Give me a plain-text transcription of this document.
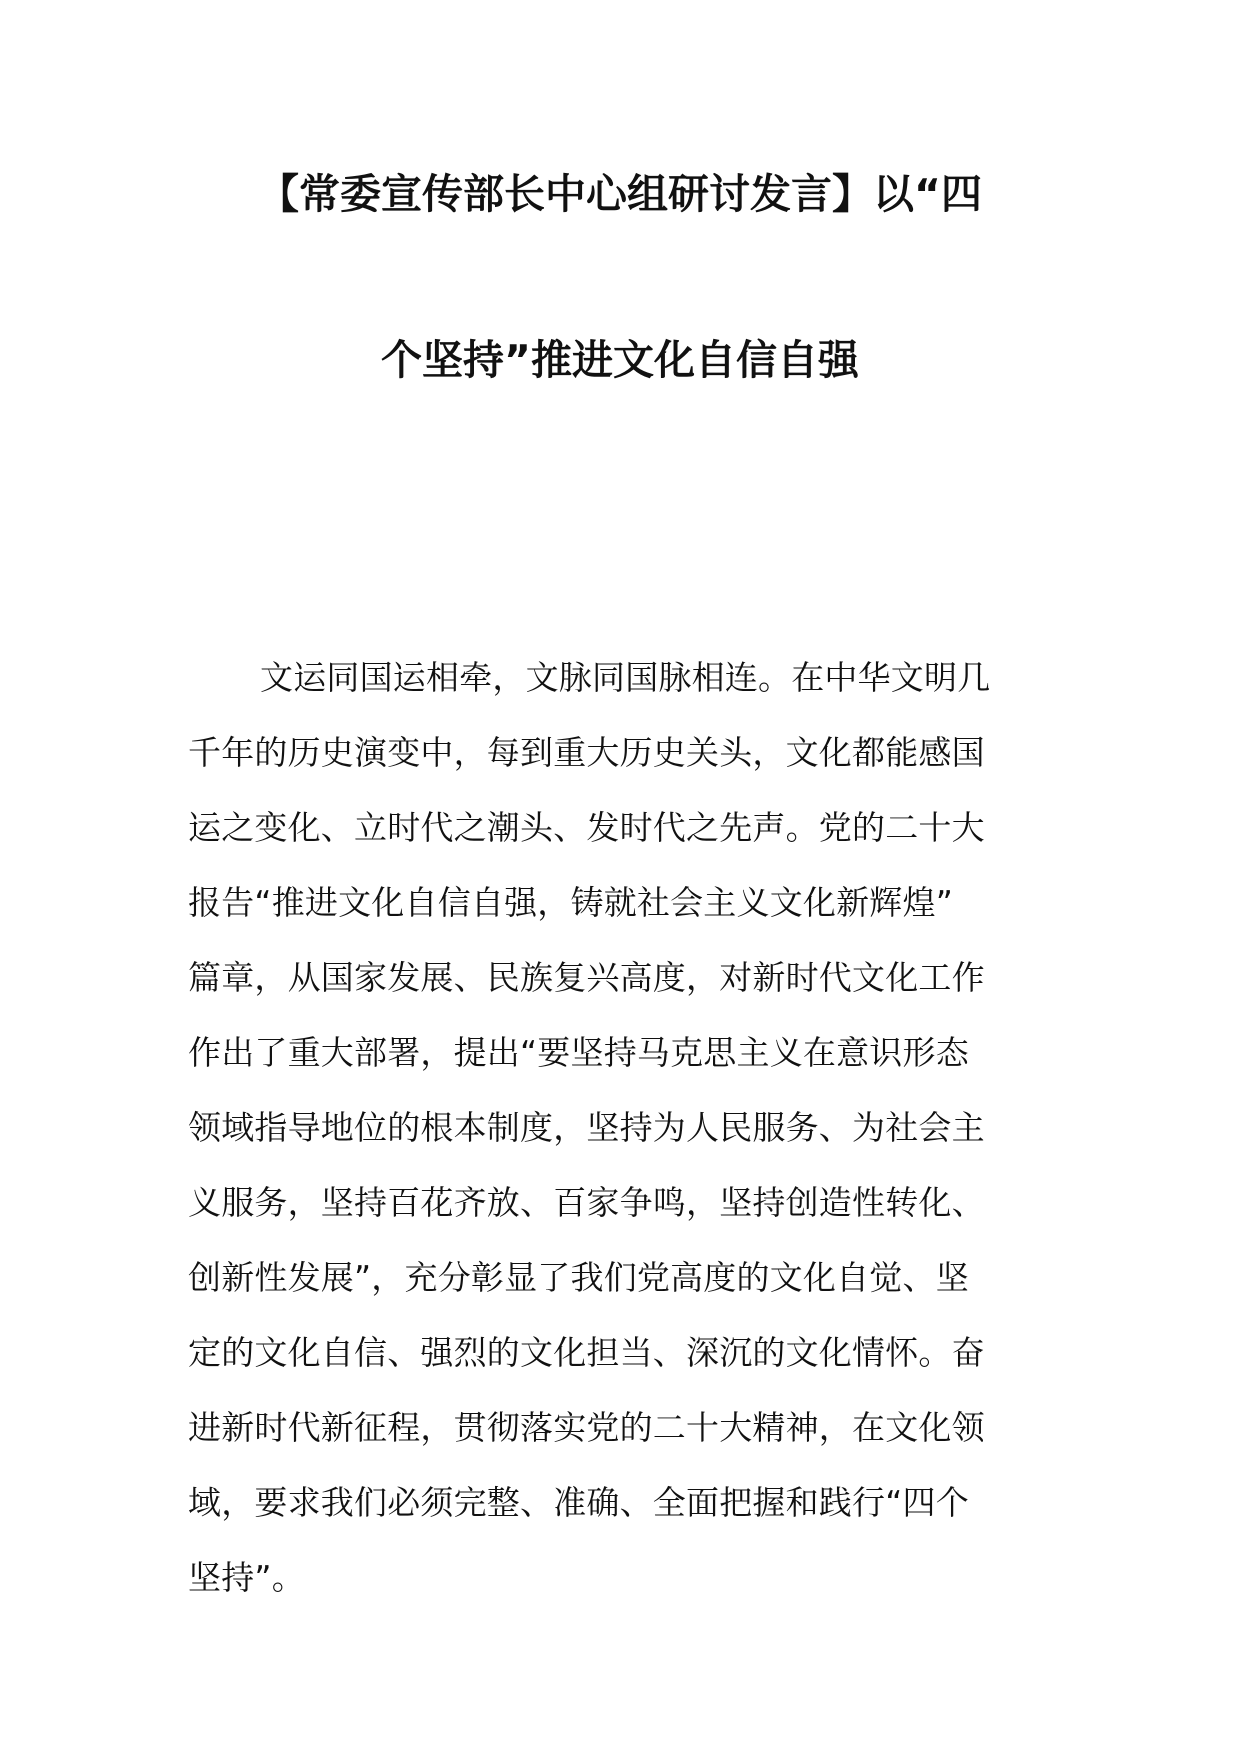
【常委宣传部长中心组研讨发言】以“四
个坚持”推进文化自信自强
文运同国运相牵，文脉同国脉相连。在中华文明几
千年的历史演变中，每到重大历史关头，文化都能感国
运之变化、立时代之潮头、发时代之先声。党的二十大
报告“推进文化自信自强，铸就社会主义文化新辉煌”
篇章，从国家发展、民族复兴高度，对新时代文化工作
作出了重大部署，提出“要坚持马克思主义在意识形态
领域指导地位的根本制度，坚持为人民服务、为社会主
义服务，坚持百花齐放、百家争鸣，坚持创造性转化、
创新性发展”，充分彰显了我们党高度的文化自觉、坚
定的文化自信、强烈的文化担当、深沉的文化情怀。奋
进新时代新征程，贯彻落实党的二十大精神，在文化领
域，要求我们必须完整、准确、全面把握和践行“四个
坚持”。
